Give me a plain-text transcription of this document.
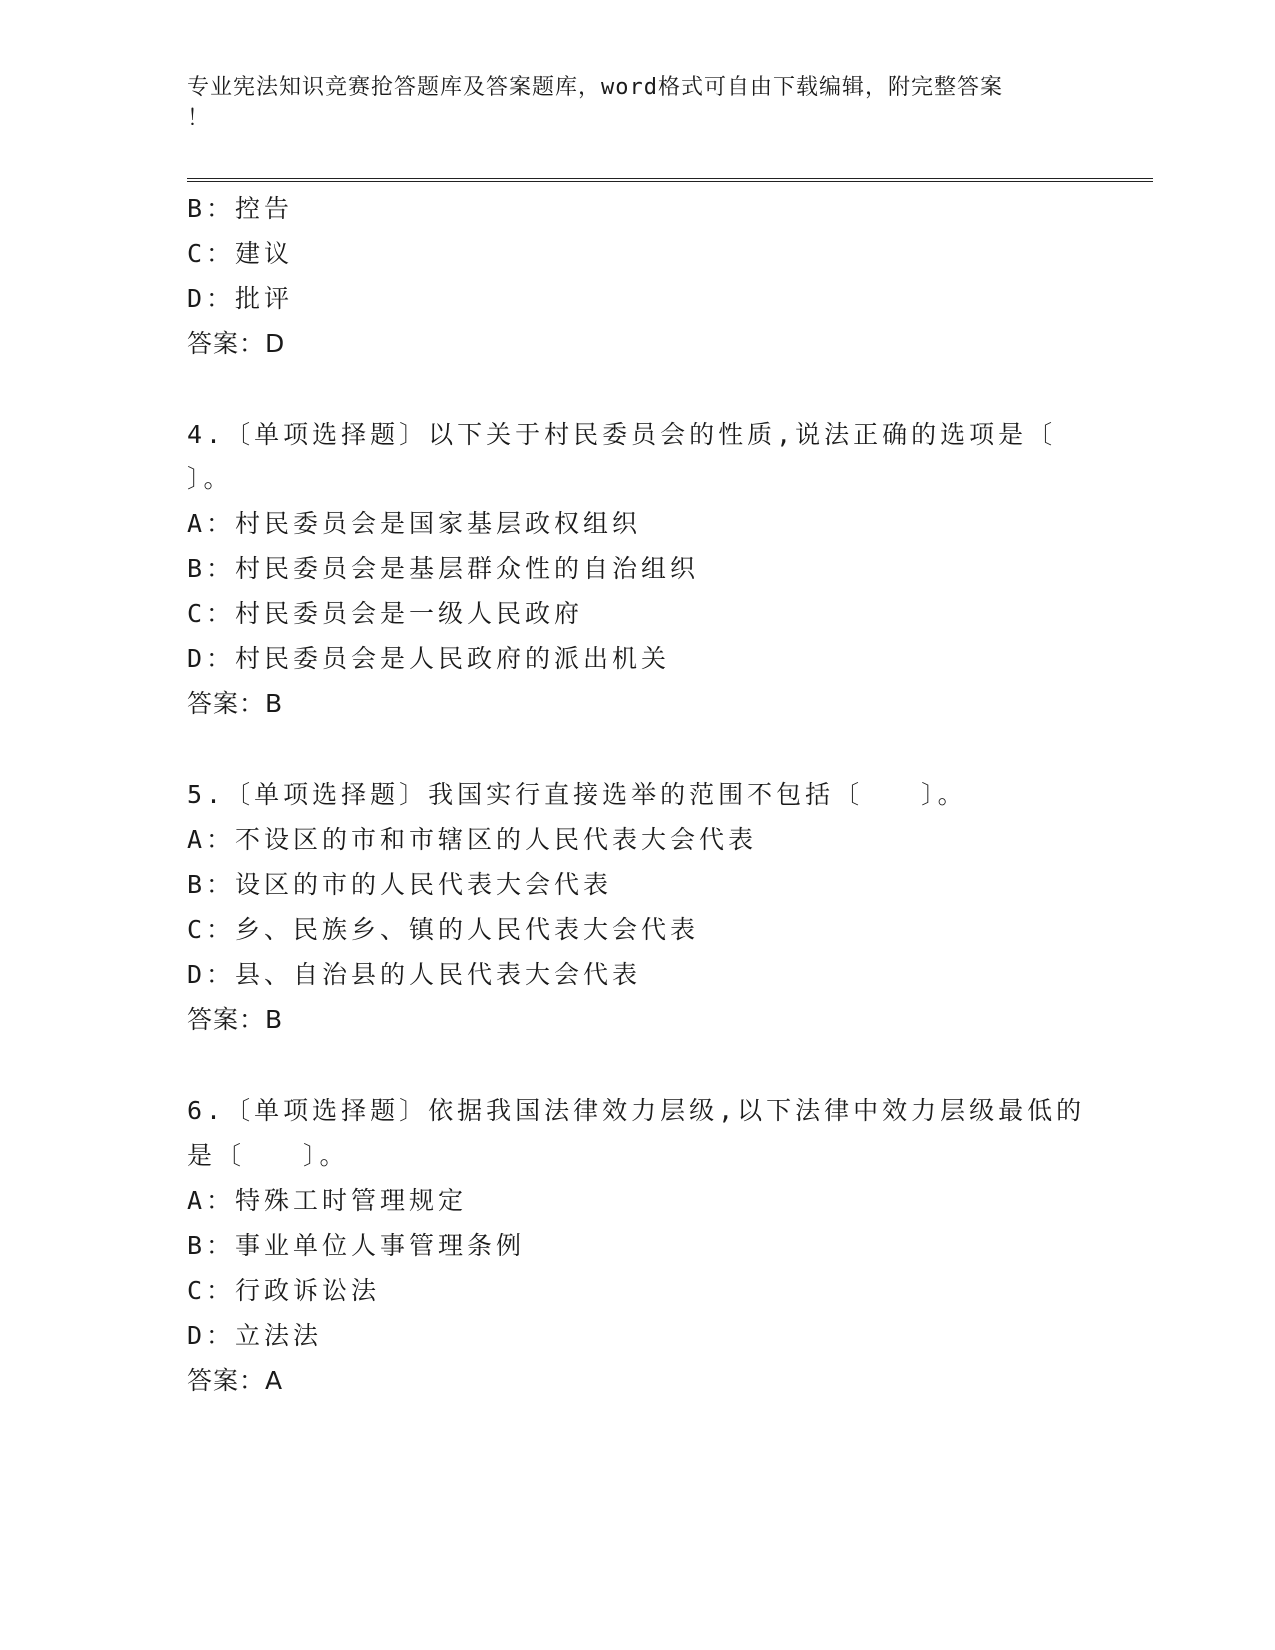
专业宪法知识竞赛抢答题库及答案题库，word格式可自由下载编辑，附完整答案
！
B：控告
C：建议
D：批评
答案：D
4.〔单项选择题〕以下关于村民委员会的性质,说法正确的选项是〔
〕。
A：村民委员会是国家基层政权组织
B：村民委员会是基层群众性的自治组织
C：村民委员会是一级人民政府
D：村民委员会是人民政府的派出机关
答案：B
5.〔单项选择题〕我国实行直接选举的范围不包括〔　　〕。
A：不设区的市和市辖区的人民代表大会代表
B：设区的市的人民代表大会代表
C：乡、民族乡、镇的人民代表大会代表
D：县、自治县的人民代表大会代表
答案：B
6.〔单项选择题〕依据我国法律效力层级,以下法律中效力层级最低的
是〔　　〕。
A：特殊工时管理规定
B：事业单位人事管理条例
C：行政诉讼法
D：立法法
答案：A
